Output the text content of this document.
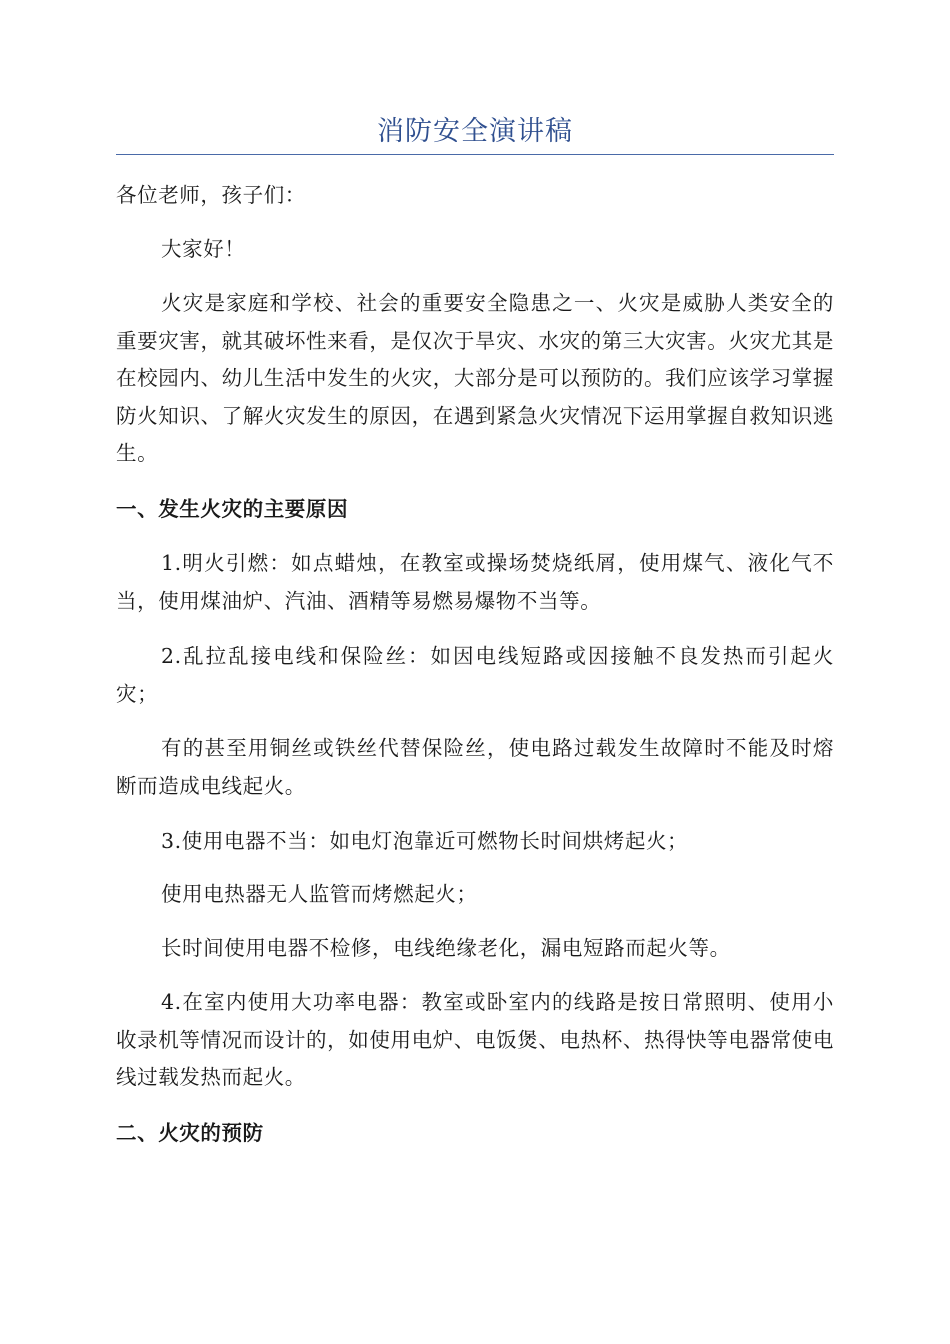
消防安全演讲稿

各位老师，孩子们：

大家好！

火灾是家庭和学校、社会的重要安全隐患之一、火灾是威胁人类安全的重要灾害，就其破坏性来看，是仅次于旱灾、水灾的第三大灾害。火灾尤其是在校园内、幼儿生活中发生的火灾，大部分是可以预防的。我们应该学习掌握防火知识、了解火灾发生的原因，在遇到紧急火灾情况下运用掌握自救知识逃生。

一、发生火灾的主要原因

1.明火引燃：如点蜡烛，在教室或操场焚烧纸屑，使用煤气、液化气不当，使用煤油炉、汽油、酒精等易燃易爆物不当等。

2.乱拉乱接电线和保险丝：如因电线短路或因接触不良发热而引起火灾；

有的甚至用铜丝或铁丝代替保险丝，使电路过载发生故障时不能及时熔断而造成电线起火。

3.使用电器不当：如电灯泡靠近可燃物长时间烘烤起火；

使用电热器无人监管而烤燃起火；

长时间使用电器不检修，电线绝缘老化，漏电短路而起火等。

4.在室内使用大功率电器：教室或卧室内的线路是按日常照明、使用小收录机等情况而设计的，如使用电炉、电饭煲、电热杯、热得快等电器常使电线过载发热而起火。

二、火灾的预防
